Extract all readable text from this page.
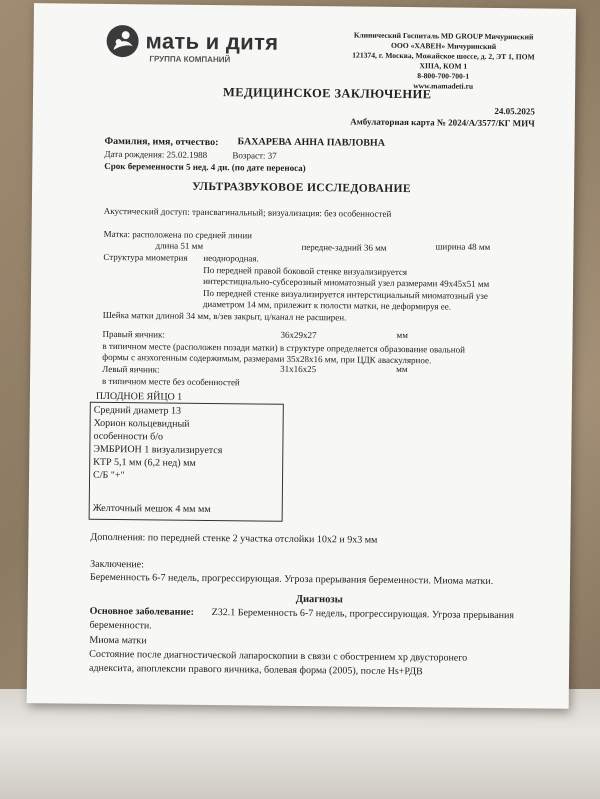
мать и дитя
ГРУППА КОМПАНИЙ
Клинический Госпиталь MD GROUP Мичуринский
ООО «ХАВЕН» Мичуринский
121374, г. Москва, Можайское шоссе, д. 2, ЭТ 1, ПОМ
XIIIA, КОМ 1
8-800-700-700-1
www.mamadeti.ru
МЕДИЦИНСКОЕ ЗАКЛЮЧЕНИЕ
24.05.2025
Амбулаторная карта № 2024/А/3577/КГ МИЧ
Фамилия, имя, отчество: БАХАРЕВА АННА ПАВЛОВНА
Дата рождения: 25.02.1988	Возраст: 37
Срок беременности 5 нед. 4 дн. (по дате переноса)
УЛЬТРАЗВУКОВОЕ ИССЛЕДОВАНИЕ
Акустический доступ: трансвагинальный; визуализация: без особенностей
Матка: расположена по средней линии
длина 51 мм	передне-задний 36 мм	ширина 48 мм
Структура миометрия неоднородная.
По передней правой боковой стенке визуализируется
интерстициально-субсерозный миоматозный узел размерами 49х45х51 мм
По передней стенке визуализируется интерстициальный миоматозный узе
диаметром 14 мм, прилежит к полости матки, не деформируя ее.
Шейка матки длиной 34 мм, в/зев закрыт, ц/канал не расширен.
Правый яичник:	36х29х27	мм
в типичном месте (расположен позади матки) в структуре определяется образование овальной
формы с анэхогенным содержимым, размерами 35х28х16 мм, при ЦДК аваскулярное.
Левый яичник:	31х16х25	мм
в типичном месте без особенностей
ПЛОДНОЕ ЯЙЦО 1
Средний диаметр 13
Хорион кольцевидный
особенности б/о
ЭМБРИОН 1 визуализируется
КТР 5,1 мм (6,2 нед) мм
С/Б "+"
Желточный мешок 4 мм мм
Дополнения: по передней стенке 2 участка отслойки 10х2 и 9х3 мм
Заключение:
Беременность 6-7 недель, прогрессирующая. Угроза прерывания беременности. Миома матки.
Диагнозы
Основное заболевание: Z32.1 Беременность 6-7 недель, прогрессирующая. Угроза прерывания
беременности.
Миома матки
Состояние после диагностической лапароскопии в связи с обострением хр двусторонего
аднексита, апоплексии правого яичника, болевая форма (2005), после Hs+РДВ
